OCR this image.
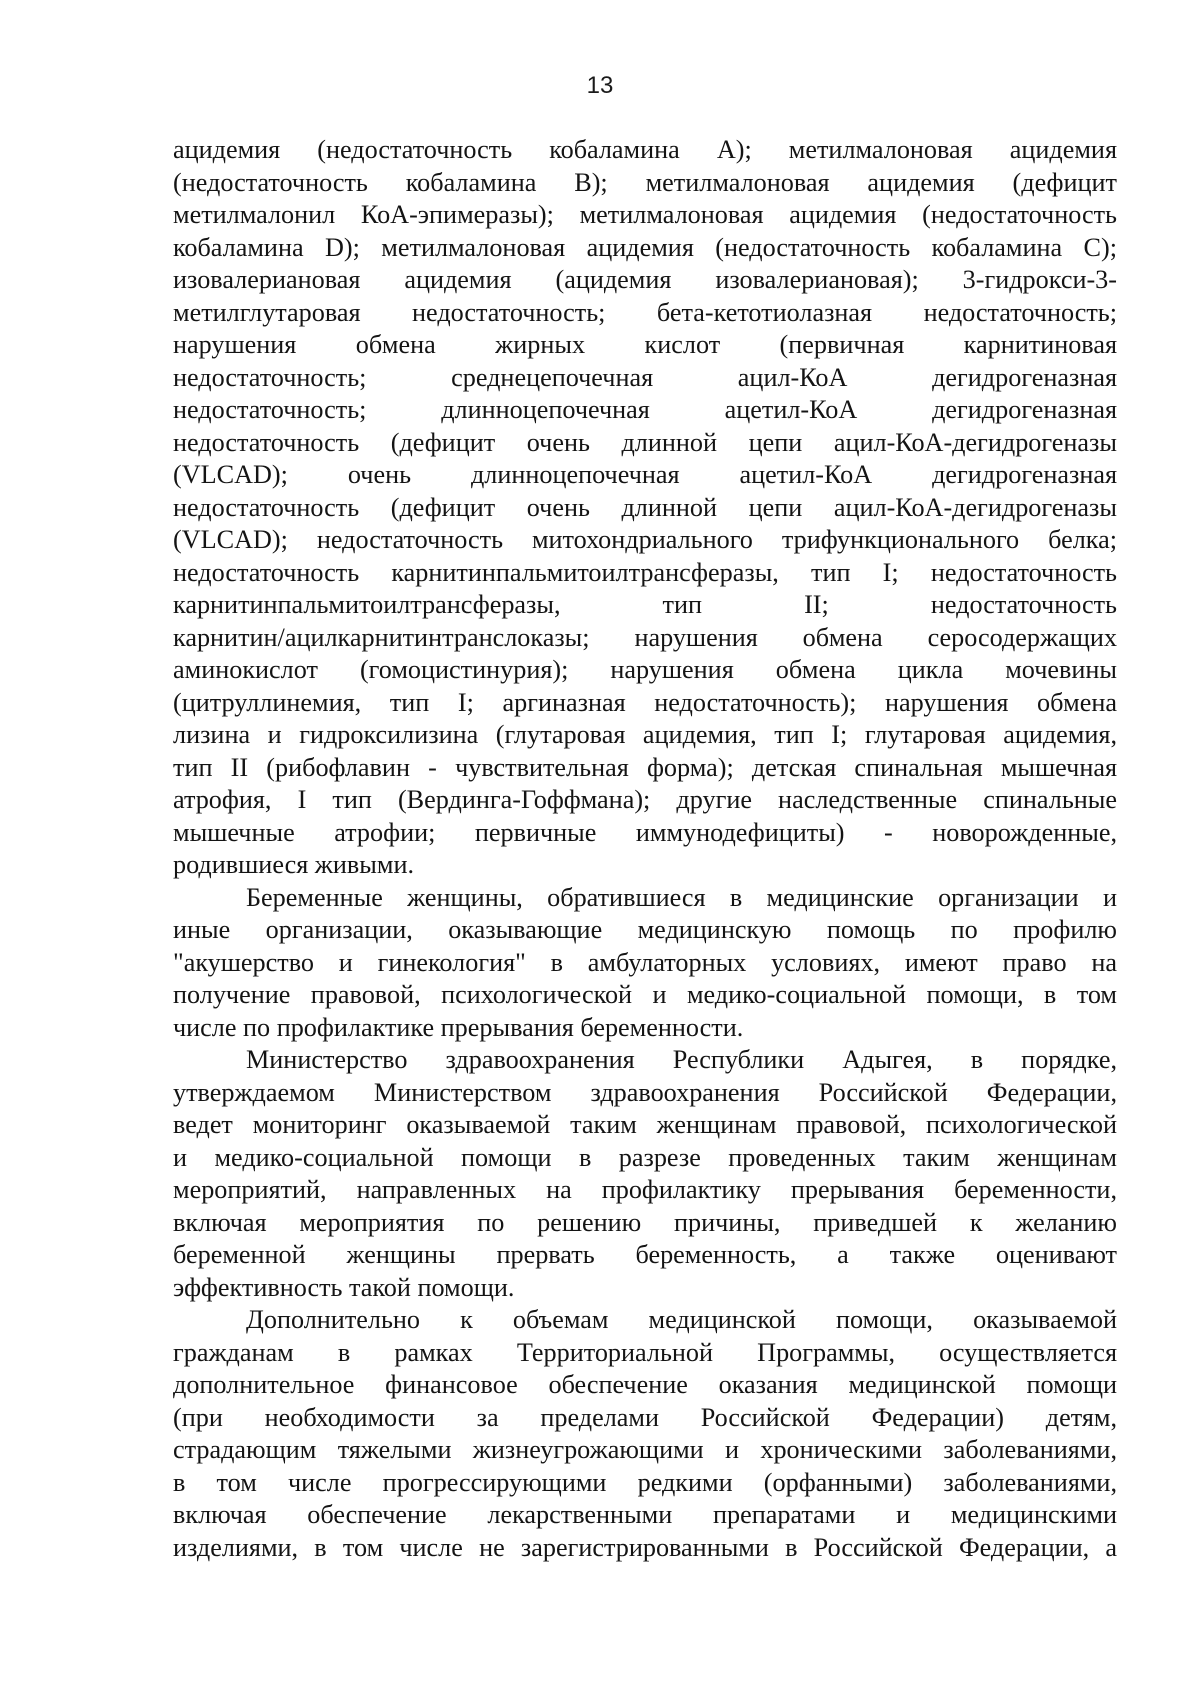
13

ацидемия (недостаточность кобаламина А); метилмалоновая ацидемия
(недостаточность кобаламина В); метилмалоновая ацидемия (дефицит
метилмалонил КоА-эпимеразы); метилмалоновая ацидемия (недостаточность
кобаламина D); метилмалоновая ацидемия (недостаточность кобаламина С);
изовалериановая ацидемия (ацидемия изовалериановая); 3-гидрокси-3-
метилглутаровая недостаточность; бета-кетотиолазная недостаточность;
нарушения обмена жирных кислот (первичная карнитиновая
недостаточность; среднецепочечная ацил-КоА дегидрогеназная
недостаточность; длинноцепочечная ацетил-КоА дегидрогеназная
недостаточность (дефицит очень длинной цепи ацил-КоА-дегидрогеназы
(VLCAD); очень длинноцепочечная ацетил-КоА дегидрогеназная
недостаточность (дефицит очень длинной цепи ацил-КоА-дегидрогеназы
(VLCAD); недостаточность митохондриального трифункционального белка;
недостаточность карнитинпальмитоилтрансферазы, тип I; недостаточность
карнитинпальмитоилтрансферазы, тип II; недостаточность
карнитин/ацилкарнитинтранслоказы; нарушения обмена серосодержащих
аминокислот (гомоцистинурия); нарушения обмена цикла мочевины
(цитруллинемия, тип I; аргиназная недостаточность); нарушения обмена
лизина и гидроксилизина (глутаровая ацидемия, тип I; глутаровая ацидемия,
тип II (рибофлавин - чувствительная форма); детская спинальная мышечная
атрофия, I тип (Вердинга-Гоффмана); другие наследственные спинальные
мышечные атрофии; первичные иммунодефициты) - новорожденные,
родившиеся живыми.

Беременные женщины, обратившиеся в медицинские организации и
иные организации, оказывающие медицинскую помощь по профилю
"акушерство и гинекология" в амбулаторных условиях, имеют право на
получение правовой, психологической и медико-социальной помощи, в том
числе по профилактике прерывания беременности.

Министерство здравоохранения Республики Адыгея, в порядке,
утверждаемом Министерством здравоохранения Российской Федерации,
ведет мониторинг оказываемой таким женщинам правовой, психологической
и медико-социальной помощи в разрезе проведенных таким женщинам
мероприятий, направленных на профилактику прерывания беременности,
включая мероприятия по решению причины, приведшей к желанию
беременной женщины прервать беременность, а также оценивают
эффективность такой помощи.

Дополнительно к объемам медицинской помощи, оказываемой
гражданам в рамках Территориальной Программы, осуществляется
дополнительное финансовое обеспечение оказания медицинской помощи
(при необходимости за пределами Российской Федерации) детям,
страдающим тяжелыми жизнеугрожающими и хроническими заболеваниями,
в том числе прогрессирующими редкими (орфанными) заболеваниями,
включая обеспечение лекарственными препаратами и медицинскими
изделиями, в том числе не зарегистрированными в Российской Федерации, а
